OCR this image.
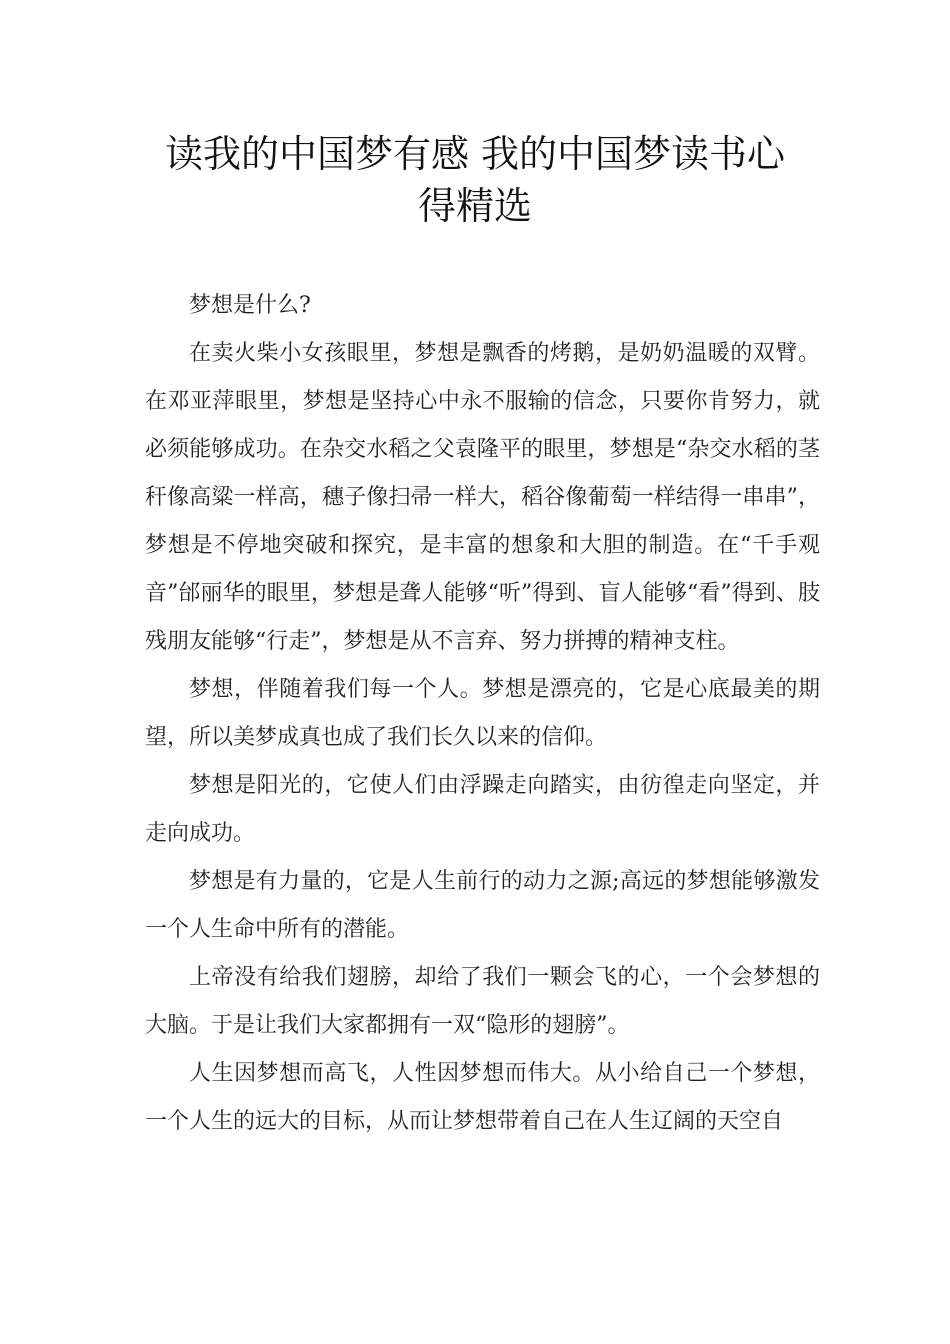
读我的中国梦有感 我的中国梦读书心
得精选

梦想是什么?

在卖火柴小女孩眼里，梦想是飘香的烤鹅，是奶奶温暖的双臂。在邓亚萍眼里，梦想是坚持心中永不服输的信念，只要你肯努力，就必须能够成功。在杂交水稻之父袁隆平的眼里，梦想是“杂交水稻的茎秆像高粱一样高，穗子像扫帚一样大，稻谷像葡萄一样结得一串串”，梦想是不停地突破和探究，是丰富的想象和大胆的制造。在“千手观音”邰丽华的眼里，梦想是聋人能够“听”得到、盲人能够“看”得到、肢残朋友能够“行走”，梦想是从不言弃、努力拼搏的精神支柱。

梦想，伴随着我们每一个人。梦想是漂亮的，它是心底最美的期望，所以美梦成真也成了我们长久以来的信仰。

梦想是阳光的，它使人们由浮躁走向踏实，由彷徨走向坚定，并走向成功。

梦想是有力量的，它是人生前行的动力之源;高远的梦想能够激发一个人生命中所有的潜能。

上帝没有给我们翅膀，却给了我们一颗会飞的心，一个会梦想的大脑。于是让我们大家都拥有一双“隐形的翅膀”。

人生因梦想而高飞，人性因梦想而伟大。从小给自己一个梦想，一个人生的远大的目标，从而让梦想带着自己在人生辽阔的天空自
